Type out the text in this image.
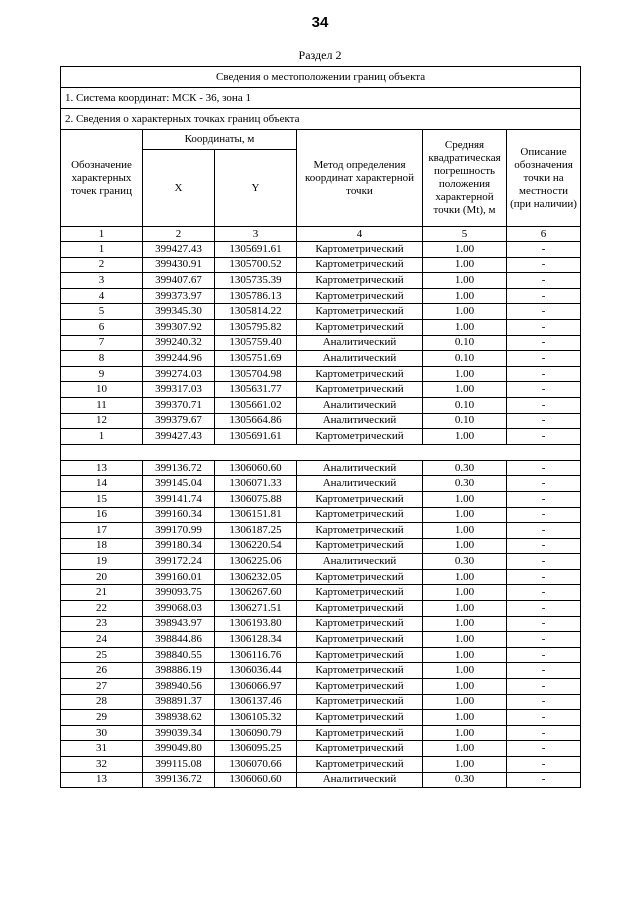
34
Раздел 2
Сведения о местоположении границ объекта					
1. Система координат: МСК - 36, зона 1					
2. Сведения о характерных точках границ объекта					
Обозначение характерных точек границ	Координаты, м		Метод определения координат характерной точки	Средняя квадратическая погрешность положения характерной точки (Mt), м	Описание обозначения точки на местности (при наличии)
	X	Y			
1	2	3	4	5	6
1	399427.43	1305691.61	Картометрический	1.00	-
2	399430.91	1305700.52	Картометрический	1.00	-
3	399407.67	1305735.39	Картометрический	1.00	-
4	399373.97	1305786.13	Картометрический	1.00	-
5	399345.30	1305814.22	Картометрический	1.00	-
6	399307.92	1305795.82	Картометрический	1.00	-
7	399240.32	1305759.40	Аналитический	0.10	-
8	399244.96	1305751.69	Аналитический	0.10	-
9	399274.03	1305704.98	Картометрический	1.00	-
10	399317.03	1305631.77	Картометрический	1.00	-
11	399370.71	1305661.02	Аналитический	0.10	-
12	399379.67	1305664.86	Аналитический	0.10	-
1	399427.43	1305691.61	Картометрический	1.00	-

13	399136.72	1306060.60	Аналитический	0.30	-
14	399145.04	1306071.33	Аналитический	0.30	-
15	399141.74	1306075.88	Картометрический	1.00	-
16	399160.34	1306151.81	Картометрический	1.00	-
17	399170.99	1306187.25	Картометрический	1.00	-
18	399180.34	1306220.54	Картометрический	1.00	-
19	399172.24	1306225.06	Аналитический	0.30	-
20	399160.01	1306232.05	Картометрический	1.00	-
21	399093.75	1306267.60	Картометрический	1.00	-
22	399068.03	1306271.51	Картометрический	1.00	-
23	398943.97	1306193.80	Картометрический	1.00	-
24	398844.86	1306128.34	Картометрический	1.00	-
25	398840.55	1306116.76	Картометрический	1.00	-
26	398886.19	1306036.44	Картометрический	1.00	-
27	398940.56	1306066.97	Картометрический	1.00	-
28	398891.37	1306137.46	Картометрический	1.00	-
29	398938.62	1306105.32	Картометрический	1.00	-
30	399039.34	1306090.79	Картометрический	1.00	-
31	399049.80	1306095.25	Картометрический	1.00	-
32	399115.08	1306070.66	Картометрический	1.00	-
13	399136.72	1306060.60	Аналитический	0.30	-
